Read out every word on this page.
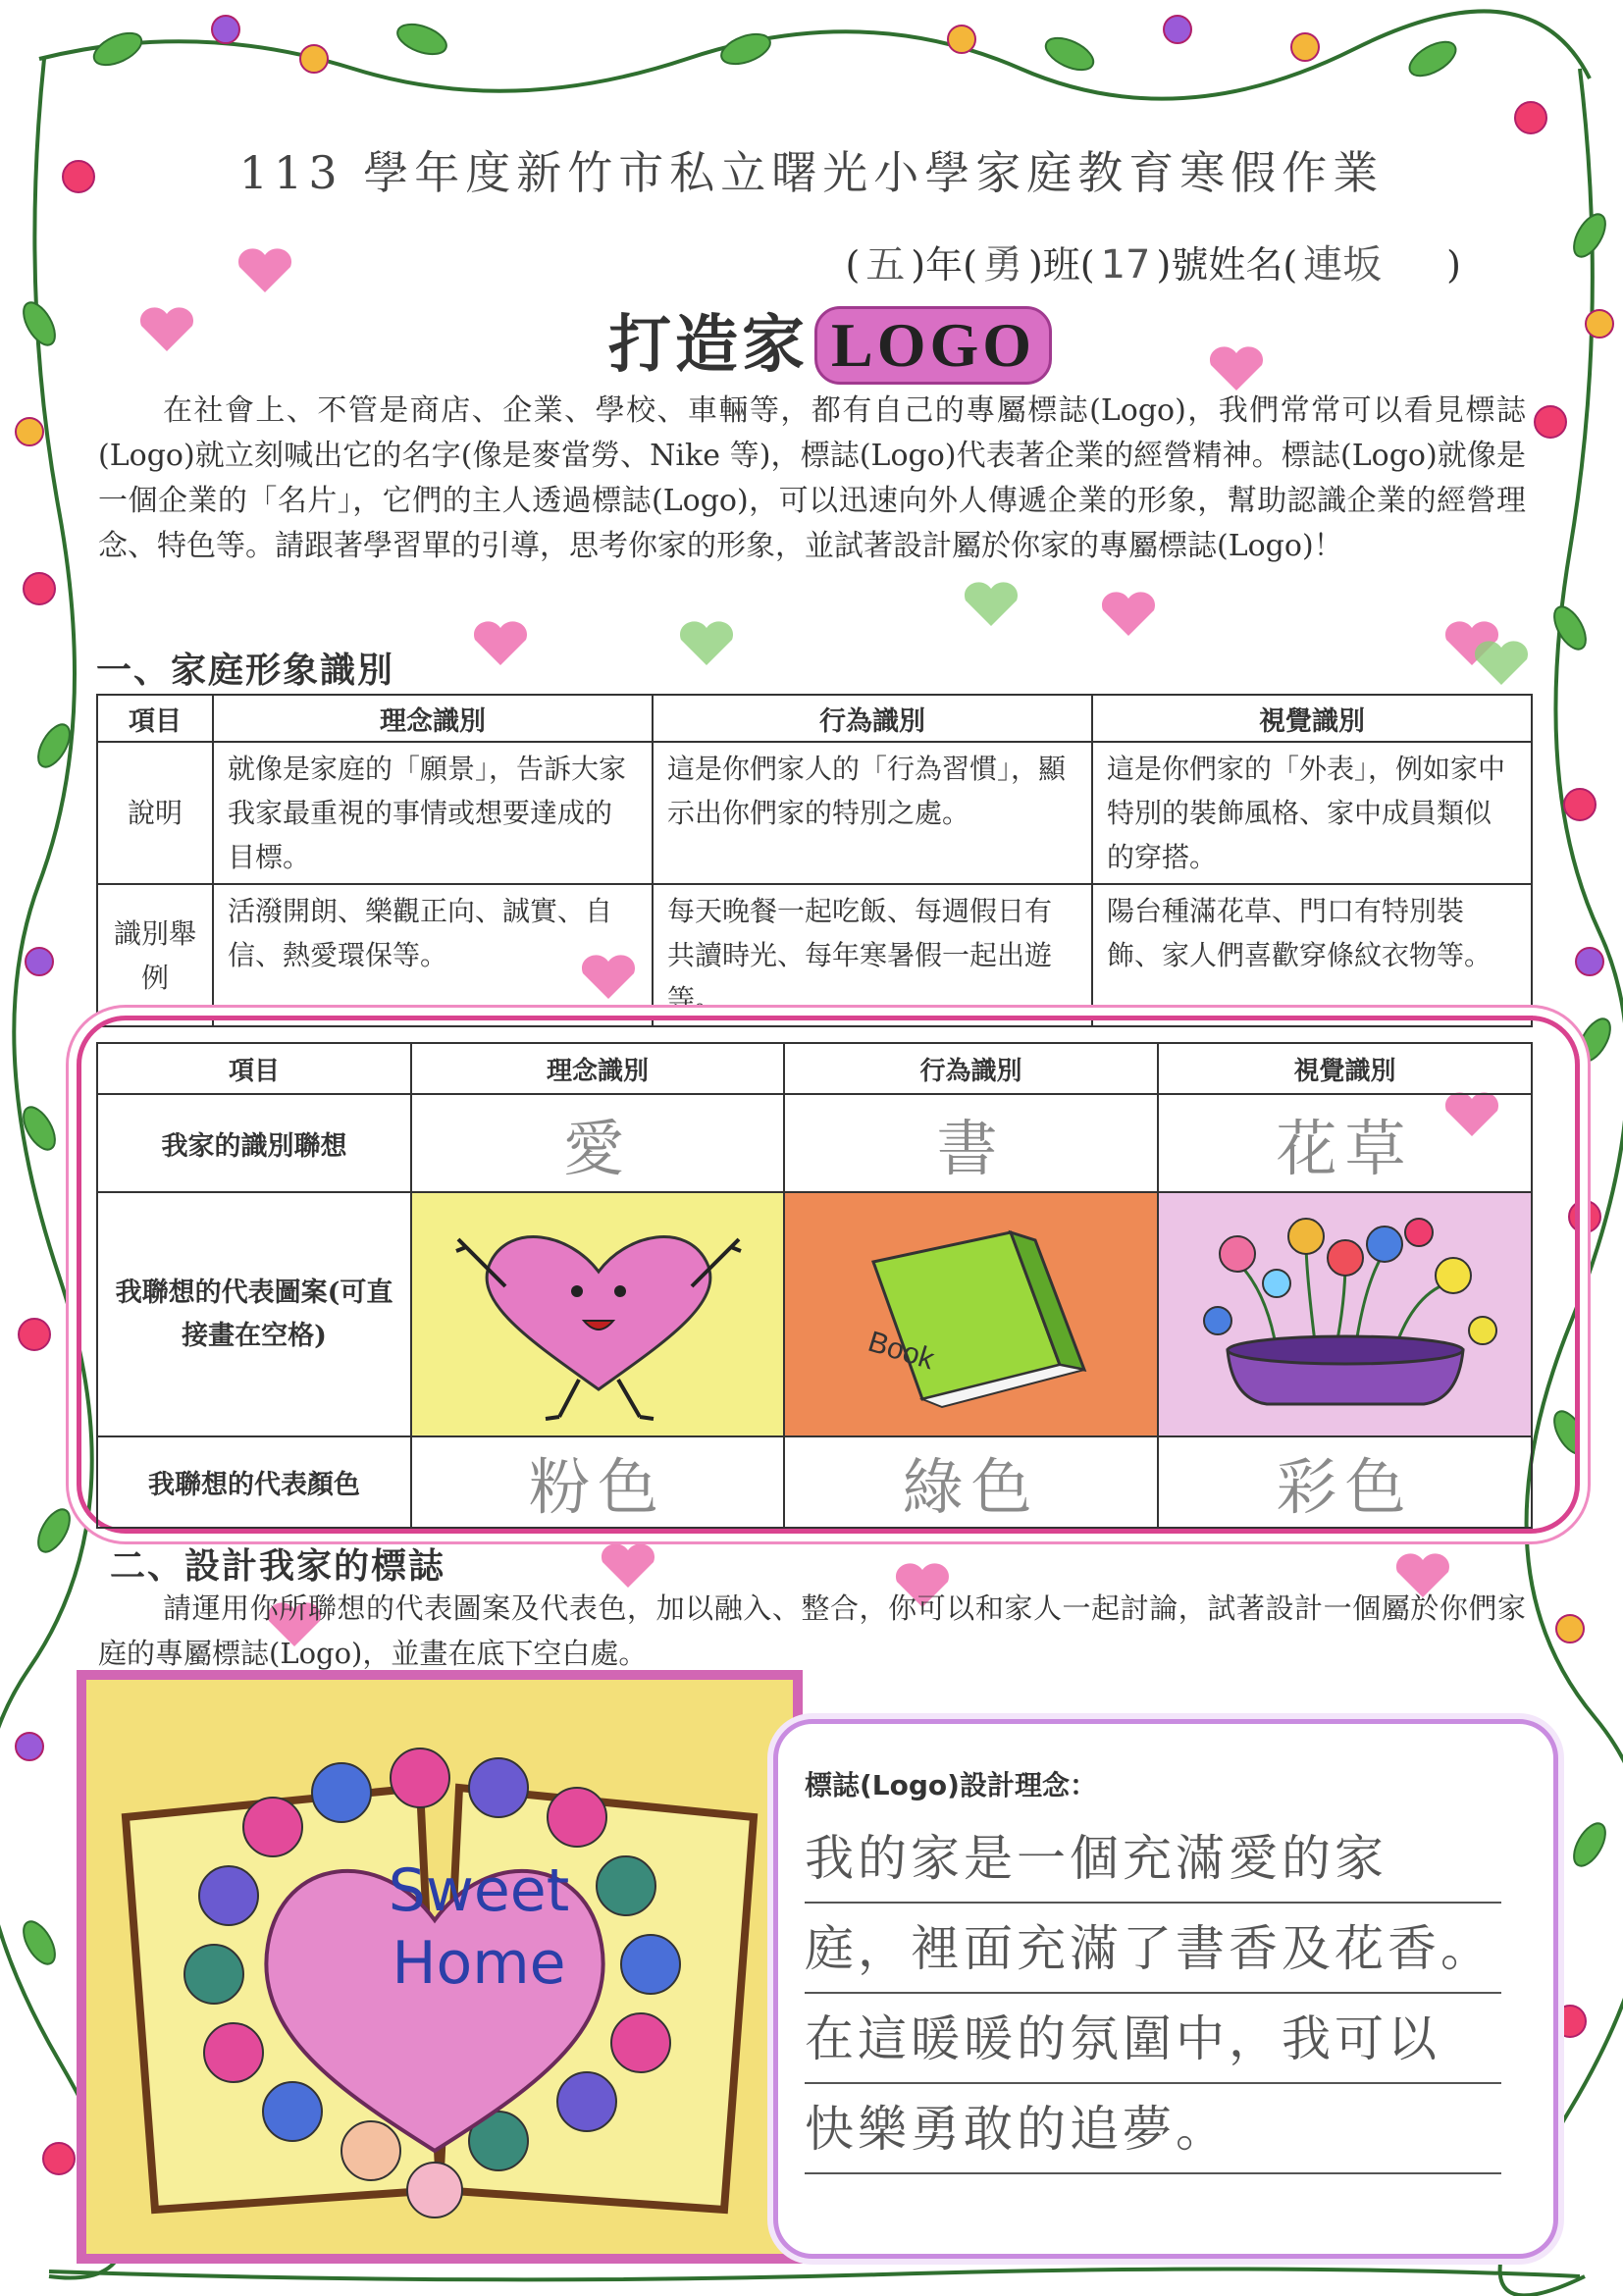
113 學年度新竹市私立曙光小學家庭教育寒假作業
( 五 )年( 勇 )班( 17 )號姓名( 連坂 )
打造家 LOGO
在社會上、不管是商店、企業、學校、車輛等，都有自己的專屬標誌(Logo)，我們常常可以看見標誌(Logo)就立刻喊出它的名字(像是麥當勞、Nike 等)，標誌(Logo)代表著企業的經營精神。標誌(Logo)就像是一個企業的「名片」，它們的主人透過標誌(Logo)，可以迅速向外人傳遞企業的形象，幫助認識企業的經營理念、特色等。請跟著學習單的引導，思考你家的形象，並試著設計屬於你家的專屬標誌(Logo)！
一、家庭形象識別
項目	理念識別	行為識別	視覺識別
說明	就像是家庭的「願景」，告訴大家我家最重視的事情或想要達成的目標。	這是你們家人的「行為習慣」，顯示出你們家的特別之處。	這是你們家的「外表」，例如家中特別的裝飾風格、家中成員類似的穿搭。
識別舉例	活潑開朗、樂觀正向、誠實、自信、熱愛環保等。	每天晚餐一起吃飯、每週假日有共讀時光、每年寒暑假一起出遊等。	陽台種滿花草、門口有特別裝飾、家人們喜歡穿條紋衣物等。
項目	理念識別	行為識別	視覺識別
我家的識別聯想	愛	書	花草
我聯想的代表圖案(可直接畫在空格)		

我聯想的代表顏色	粉色	綠色	彩色
Book
二、設計我家的標誌
請運用你所聯想的代表圖案及代表色，加以融入、整合，你可以和家人一起討論，試著設計一個屬於你們家庭的專屬標誌(Logo)，並畫在底下空白處。
Sweet
Home
標誌(Logo)設計理念：
我的家是一個充滿愛的家
庭，裡面充滿了書香及花香。
在這暖暖的氛圍中，我可以
快樂勇敢的追夢。
